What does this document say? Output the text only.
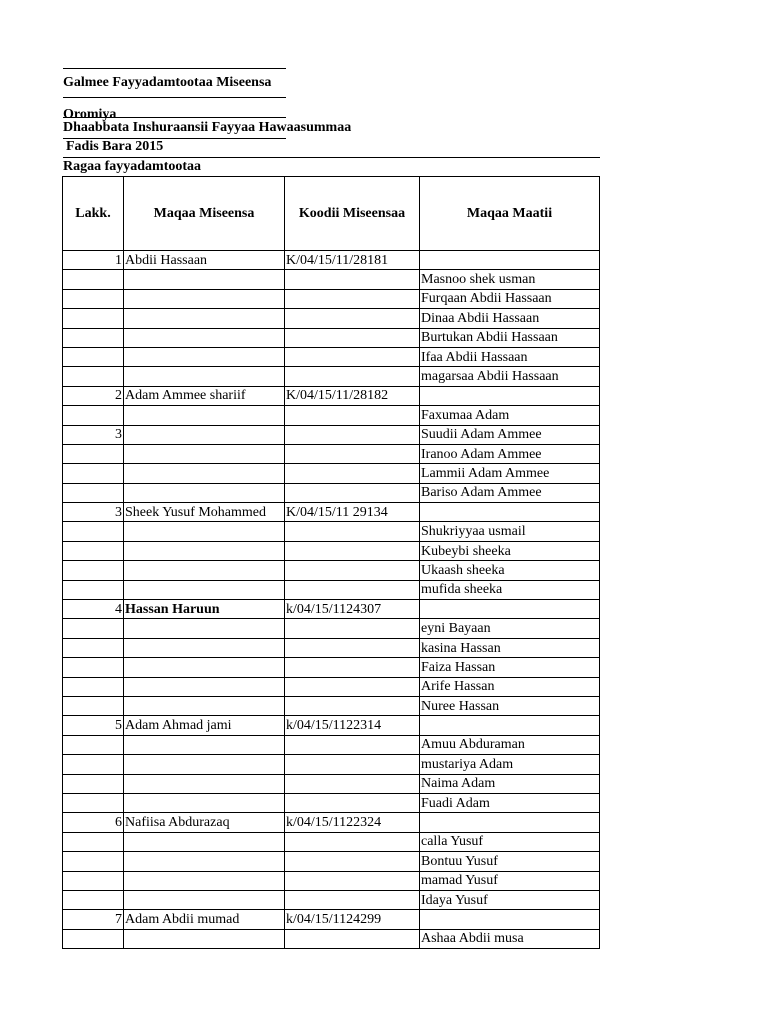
Galmee Fayyadamtootaa Miseensa
Oromiya
Dhaabbata Inshuraansii Fayyaa Hawaasummaa
Fadis Bara 2015
Ragaa fayyadamtootaa
Lakk.	Maqaa Miseensa	Koodii Miseensaa	Maqaa Maatii
1	Abdii Hassaan	K/04/15/11/28181	
			Masnoo shek usman
			Furqaan Abdii Hassaan
			Dinaa Abdii Hassaan
			Burtukan Abdii Hassaan
			Ifaa Abdii Hassaan
			magarsaa Abdii Hassaan
2	Adam Ammee shariif	K/04/15/11/28182	
			Faxumaa Adam
3			Suudii Adam Ammee
			Iranoo Adam Ammee
			Lammii Adam Ammee
			Bariso Adam Ammee
3	Sheek Yusuf Mohammed	K/04/15/11 29134	
			Shukriyyaa usmail
			Kubeybi sheeka
			Ukaash sheeka
			mufida sheeka
4	Hassan Haruun	k/04/15/1124307	
			eyni Bayaan
			kasina Hassan
			Faiza Hassan
			Arife Hassan
			Nuree Hassan
5	Adam Ahmad jami	k/04/15/1122314	
			Amuu Abduraman
			mustariya Adam
			Naima Adam
			Fuadi Adam
6	Nafiisa Abdurazaq	k/04/15/1122324	
			calla Yusuf
			Bontuu Yusuf
			mamad Yusuf
			Idaya Yusuf
7	Adam Abdii mumad	k/04/15/1124299	
			Ashaa Abdii musa
